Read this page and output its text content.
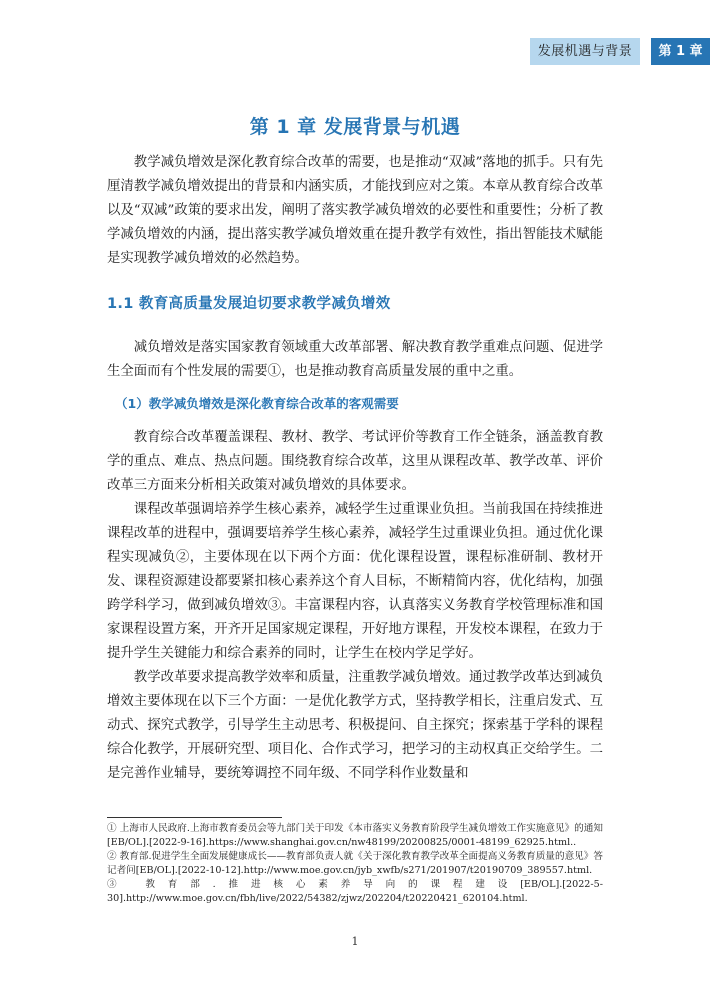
发展机遇与背景	第 1 章
第 1 章 发展背景与机遇

教学减负增效是深化教育综合改革的需要，也是推动“双减”落地的抓手。只有先厘清教学减负增效提出的背景和内涵实质，才能找到应对之策。本章从教育综合改革以及“双减”政策的要求出发，阐明了落实教学减负增效的必要性和重要性；分析了教学减负增效的内涵，提出落实教学减负增效重在提升教学有效性，指出智能技术赋能是实现教学减负增效的必然趋势。

1.1 教育高质量发展迫切要求教学减负增效

减负增效是落实国家教育领域重大改革部署、解决教育教学重难点问题、促进学生全面而有个性发展的需要①，也是推动教育高质量发展的重中之重。

（1）教学减负增效是深化教育综合改革的客观需要

教育综合改革覆盖课程、教材、教学、考试评价等教育工作全链条，涵盖教育教学的重点、难点、热点问题。围绕教育综合改革，这里从课程改革、教学改革、评价改革三方面来分析相关政策对减负增效的具体要求。

课程改革强调培养学生核心素养，减轻学生过重课业负担。当前我国在持续推进课程改革的进程中，强调要培养学生核心素养，减轻学生过重课业负担。通过优化课程实现减负②，主要体现在以下两个方面：优化课程设置，课程标准研制、教材开发、课程资源建设都要紧扣核心素养这个育人目标，不断精简内容，优化结构，加强跨学科学习，做到减负增效③。丰富课程内容，认真落实义务教育学校管理标准和国家课程设置方案，开齐开足国家规定课程，开好地方课程，开发校本课程，在致力于提升学生关键能力和综合素养的同时，让学生在校内学足学好。

教学改革要求提高教学效率和质量，注重教学减负增效。通过教学改革达到减负增效主要体现在以下三个方面：一是优化教学方式，坚持教学相长，注重启发式、互动式、探究式教学，引导学生主动思考、积极提问、自主探究；探索基于学科的课程综合化教学，开展研究型、项目化、合作式学习，把学习的主动权真正交给学生。二是完善作业辅导，要统筹调控不同年级、不同学科作业数量和

① 上海市人民政府.上海市教育委员会等九部门关于印发《本市落实义务教育阶段学生减负增效工作实施意见》的通知[EB/OL].[2022-9-16].https://www.shanghai.gov.cn/nw48199/20200825/0001-48199_62925.html..
② 教育部.促进学生全面发展健康成长——教育部负责人就《关于深化教育教学改革全面提高义务教育质量的意见》答记者问[EB/OL].[2022-10-12].http://www.moe.gov.cn/jyb_xwfb/s271/201907/t20190709_389557.html.
③ 教育部.推进核心素养导向的课程建设[EB/OL].[2022-5-30].http://www.moe.gov.cn/fbh/live/2022/54382/zjwz/202204/t20220421_620104.html.
1
